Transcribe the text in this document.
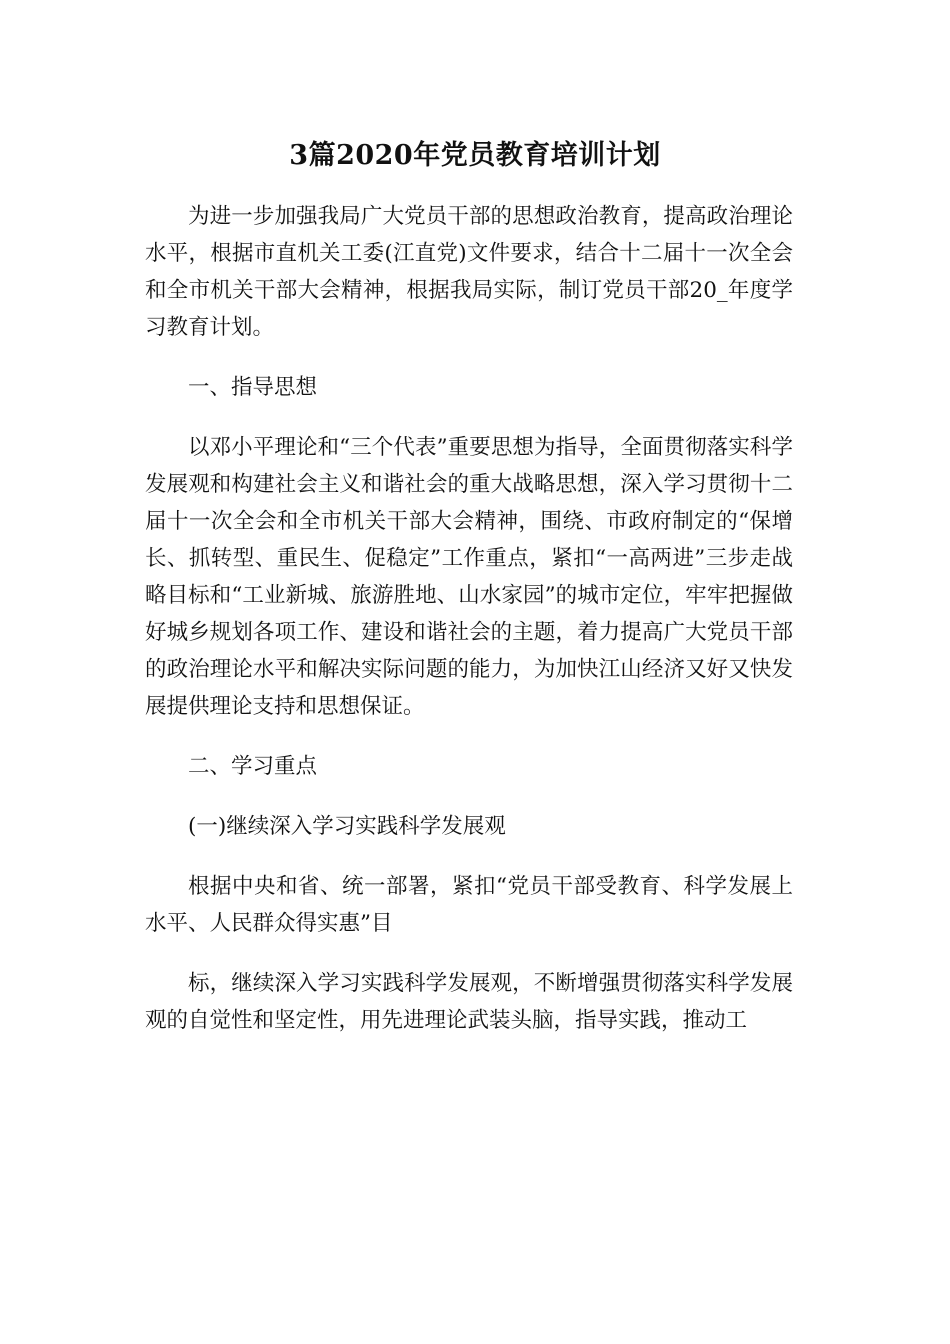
3篇2020年党员教育培训计划

为进一步加强我局广大党员干部的思想政治教育，提高政治理论水平，根据市直机关工委(江直党)文件要求，结合十二届十一次全会和全市机关干部大会精神，根据我局实际，制订党员干部20_年度学习教育计划。

一、指导思想

以邓小平理论和“三个代表”重要思想为指导，全面贯彻落实科学发展观和构建社会主义和谐社会的重大战略思想，深入学习贯彻十二届十一次全会和全市机关干部大会精神，围绕、市政府制定的“保增长、抓转型、重民生、促稳定”工作重点，紧扣“一高两进”三步走战略目标和“工业新城、旅游胜地、山水家园”的城市定位，牢牢把握做好城乡规划各项工作、建设和谐社会的主题，着力提高广大党员干部的政治理论水平和解决实际问题的能力，为加快江山经济又好又快发展提供理论支持和思想保证。

二、学习重点

(一)继续深入学习实践科学发展观

根据中央和省、统一部署，紧扣“党员干部受教育、科学发展上水平、人民群众得实惠”目

标，继续深入学习实践科学发展观，不断增强贯彻落实科学发展观的自觉性和坚定性，用先进理论武装头脑，指导实践，推动工
